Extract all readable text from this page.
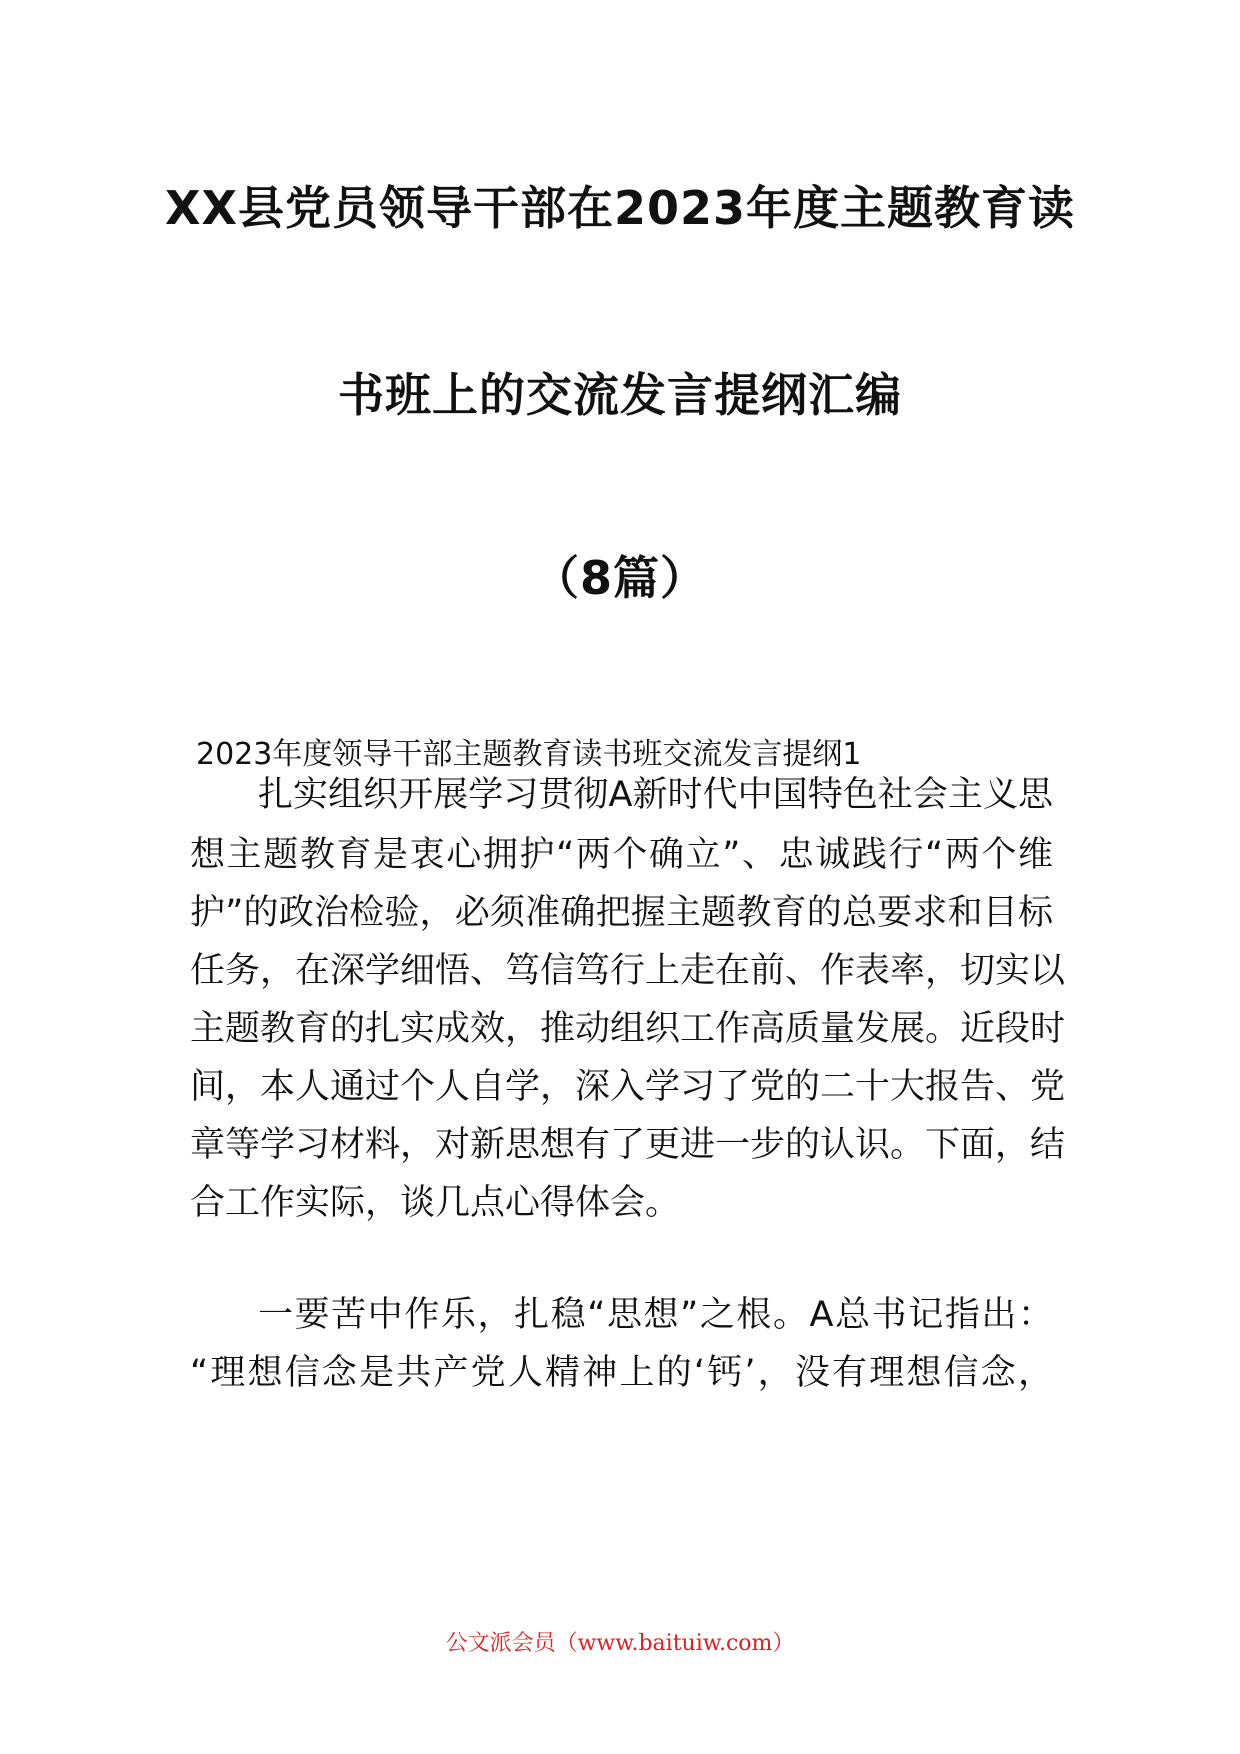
XX县党员领导干部在2023年度主题教育读
书班上的交流发言提纲汇编
（8篇）
2023年度领导干部主题教育读书班交流发言提纲1
扎实组织开展学习贯彻A新时代中国特色社会主义思
想主题教育是衷心拥护“两个确立”、忠诚践行“两个维
护”的政治检验，必须准确把握主题教育的总要求和目标
任务，在深学细悟、笃信笃行上走在前、作表率，切实以
主题教育的扎实成效，推动组织工作高质量发展。近段时
间，本人通过个人自学，深入学习了党的二十大报告、党
章等学习材料，对新思想有了更进一步的认识。下面，结
合工作实际，谈几点心得体会。
一要苦中作乐，扎稳“思想”之根。A总书记指出：
“理想信念是共产党人精神上的‘钙’，没有理想信念，
公文派会员（www.baituiw.com）
